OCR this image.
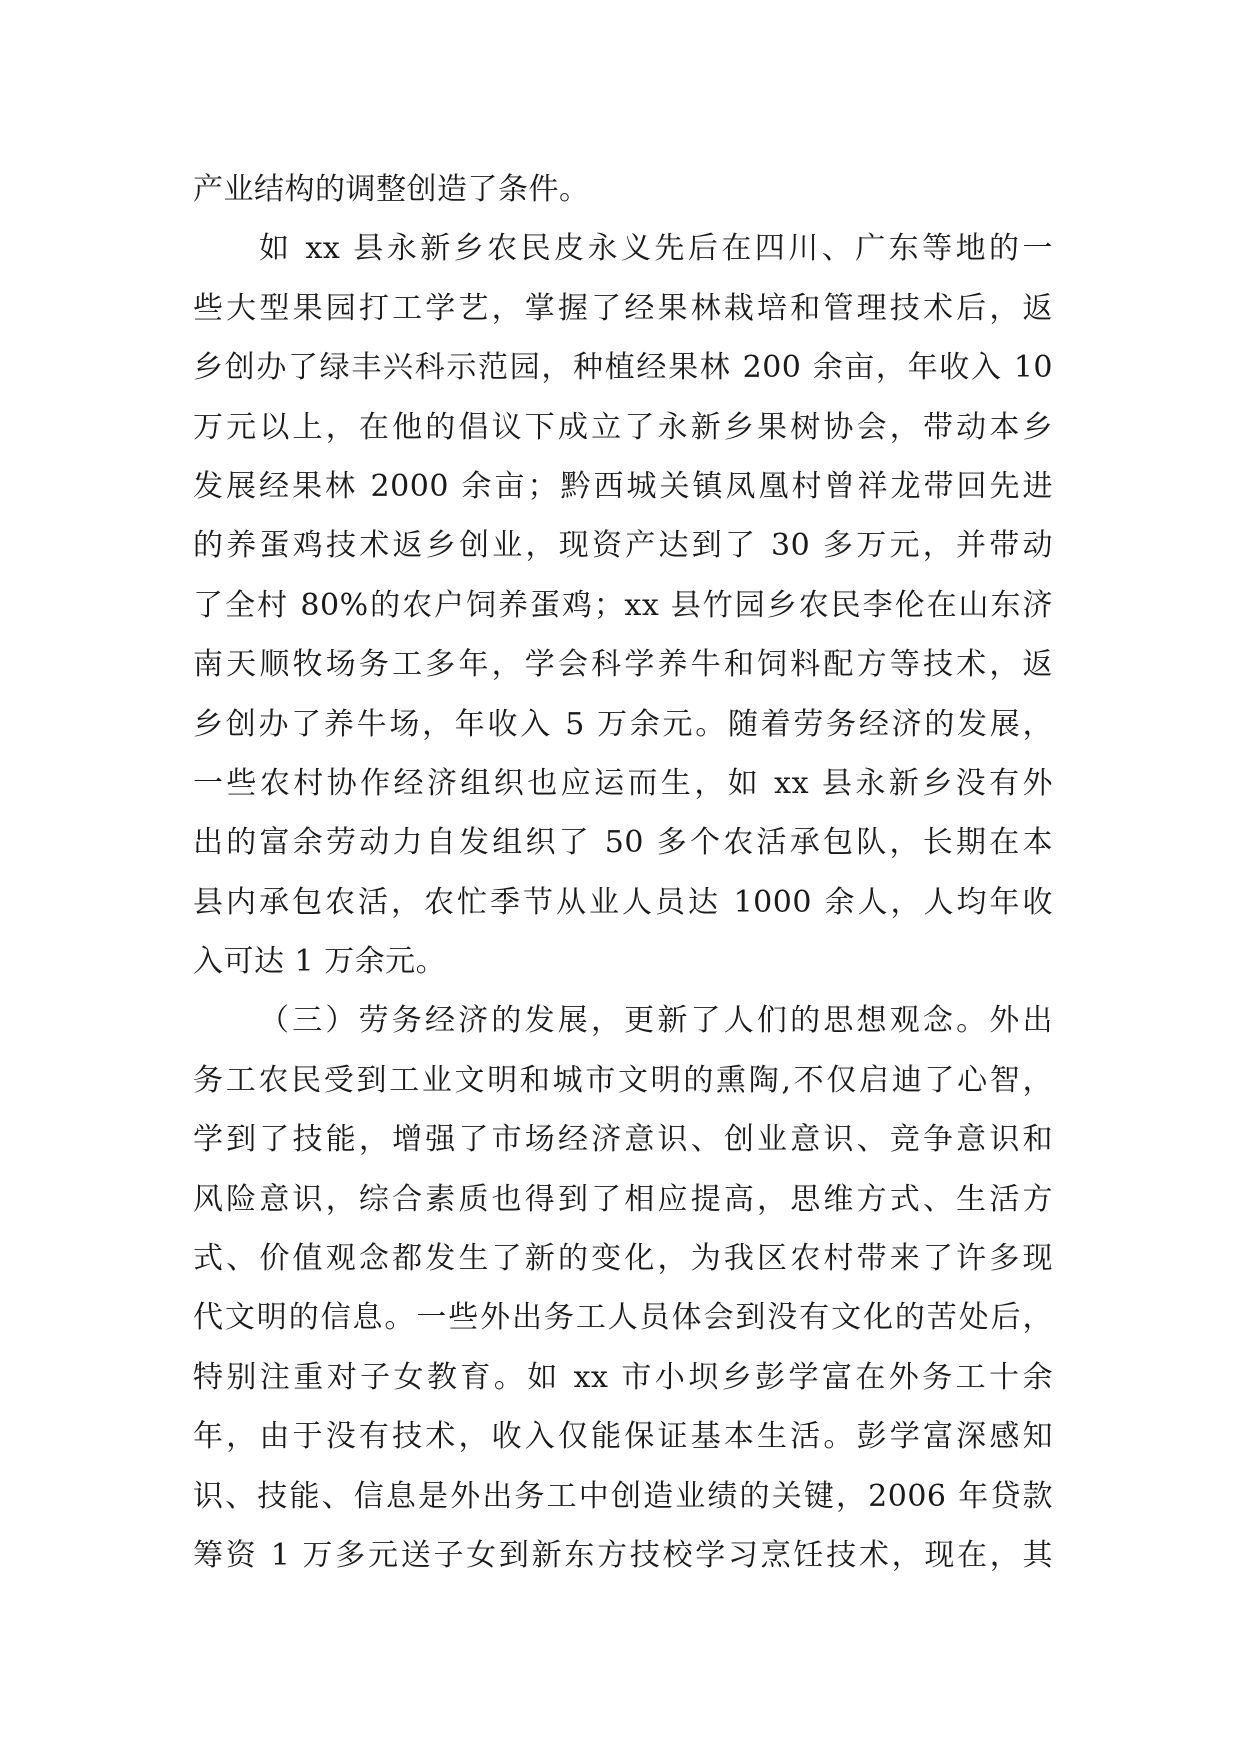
产业结构的调整创造了条件。
如 xx 县永新乡农民皮永义先后在四川、广东等地的一
些大型果园打工学艺，掌握了经果林栽培和管理技术后，返
乡创办了绿丰兴科示范园，种植经果林 200 余亩，年收入 10
万元以上，在他的倡议下成立了永新乡果树协会，带动本乡
发展经果林 2000 余亩；黔西城关镇凤凰村曾祥龙带回先进
的养蛋鸡技术返乡创业，现资产达到了 30 多万元，并带动
了全村 80%的农户饲养蛋鸡；xx 县竹园乡农民李伦在山东济
南天顺牧场务工多年，学会科学养牛和饲料配方等技术，返
乡创办了养牛场，年收入 5 万余元。随着劳务经济的发展，
一些农村协作经济组织也应运而生，如 xx 县永新乡没有外
出的富余劳动力自发组织了 50 多个农活承包队，长期在本
县内承包农活，农忙季节从业人员达 1000 余人，人均年收
入可达 1 万余元。
（三）劳务经济的发展，更新了人们的思想观念。外出
务工农民受到工业文明和城市文明的熏陶,不仅启迪了心智，
学到了技能，增强了市场经济意识、创业意识、竞争意识和
风险意识，综合素质也得到了相应提高，思维方式、生活方
式、价值观念都发生了新的变化，为我区农村带来了许多现
代文明的信息。一些外出务工人员体会到没有文化的苦处后，
特别注重对子女教育。如 xx 市小坝乡彭学富在外务工十余
年，由于没有技术，收入仅能保证基本生活。彭学富深感知
识、技能、信息是外出务工中创造业绩的关键，2006 年贷款
筹资 1 万多元送子女到新东方技校学习烹饪技术，现在，其
